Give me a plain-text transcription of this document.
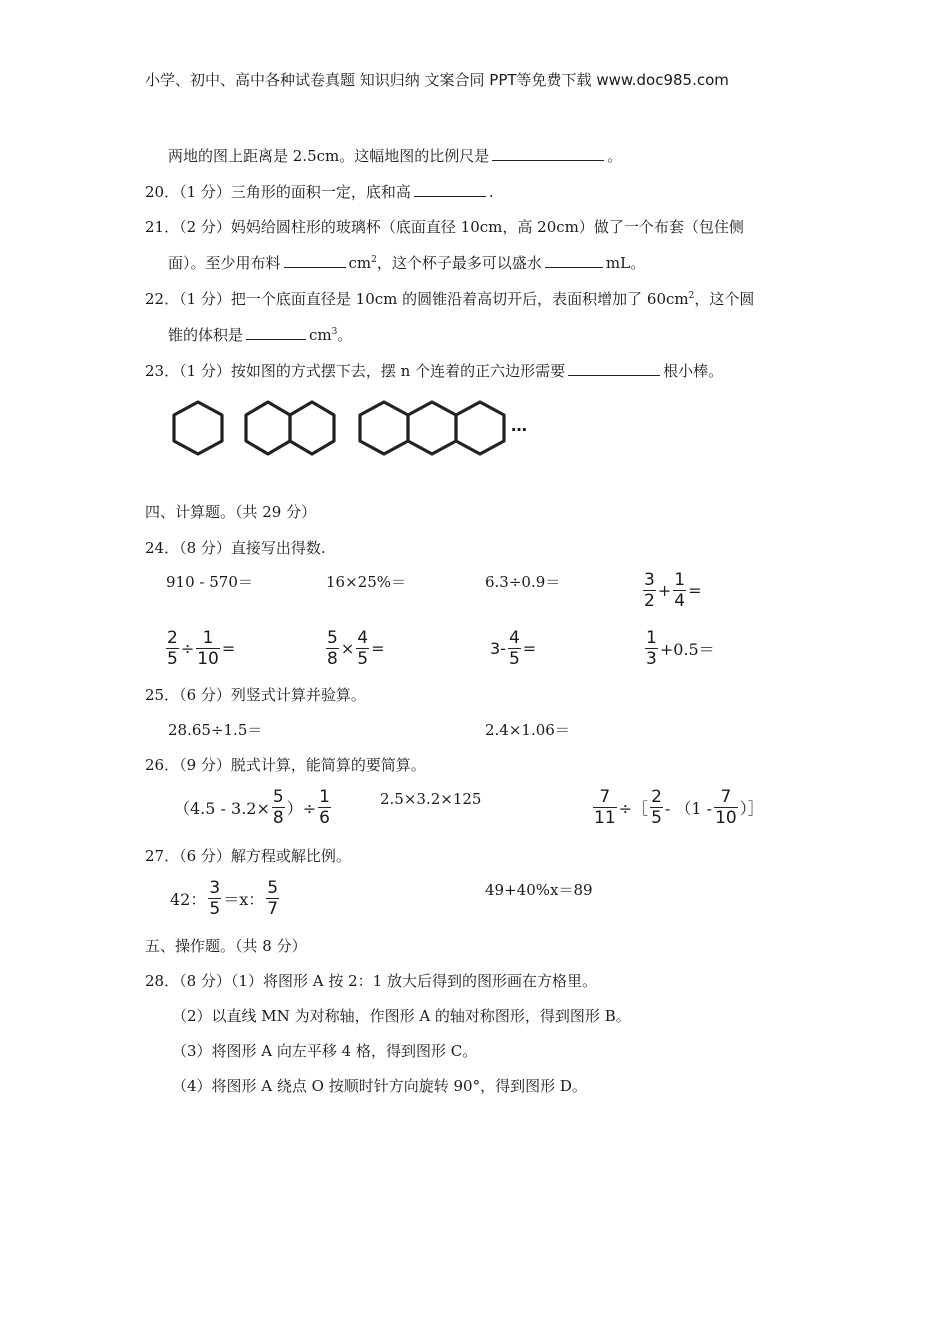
小学、初中、高中各种试卷真题 知识归纳 文案合同 PPT等免费下载 www.doc985.com
两地的图上距离是 2.5cm。这幅地图的比例尺是	。
20．（1 分）三角形的面积一定，底和高	.
21．（2 分）妈妈给圆柱形的玻璃杯（底面直径 10cm，高 20cm）做了一个布套（包住侧
面）。至少用布料	$cm^2$，这个杯子最多可以盛水	mL。
22．（1 分）把一个底面直径是 10cm 的圆锥沿着高切开后，表面积增加了 $60cm^2$，这个圆
锥的体积是	$cm^3$。
23．（1 分）按如图的方式摆下去，摆 n 个连着的正六边形需要	根小棒。
…
四、计算题。（共 29 分）
24．（8 分）直接写出得数.
910 - 570＝	16×25%＝	6.3÷0.9＝	$\frac{3}{2} + \frac{1}{4}$ =
$\frac{2}{5} \div \frac{1}{10}$ =	$\frac{5}{8} \times \frac{4}{5}$ =	$3- \frac{4}{5}$ =	$\frac{1}{3} +0.5=$
25．（6 分）列竖式计算并验算。
28.65÷1.5＝	2.4×1.06＝
26．（9 分）脱式计算，能简算的要简算。
（$4.5 - 3.2\times \frac{5}{8}$ ）÷ $\frac{1}{6}$	2.5×3.2×125	$\frac{7}{11}$ ÷［ $\frac{2}{5} - (1 - \frac{7}{10}$ ）］
27．（6 分）解方程或解比例。
42： $\frac{3}{5} =x$： $\frac{5}{7}$	49+40%x＝89
五、操作题。（共 8 分）
28．（8 分）（1）将图形 A 按 2：1 放大后得到的图形画在方格里。
（2）以直线 MN 为对称轴，作图形 A 的轴对称图形，得到图形 B。
（3）将图形 A 向左平移 4 格，得到图形 C。
（4）将图形 A 绕点 O 按顺时针方向旋转 90°，得到图形 D。
